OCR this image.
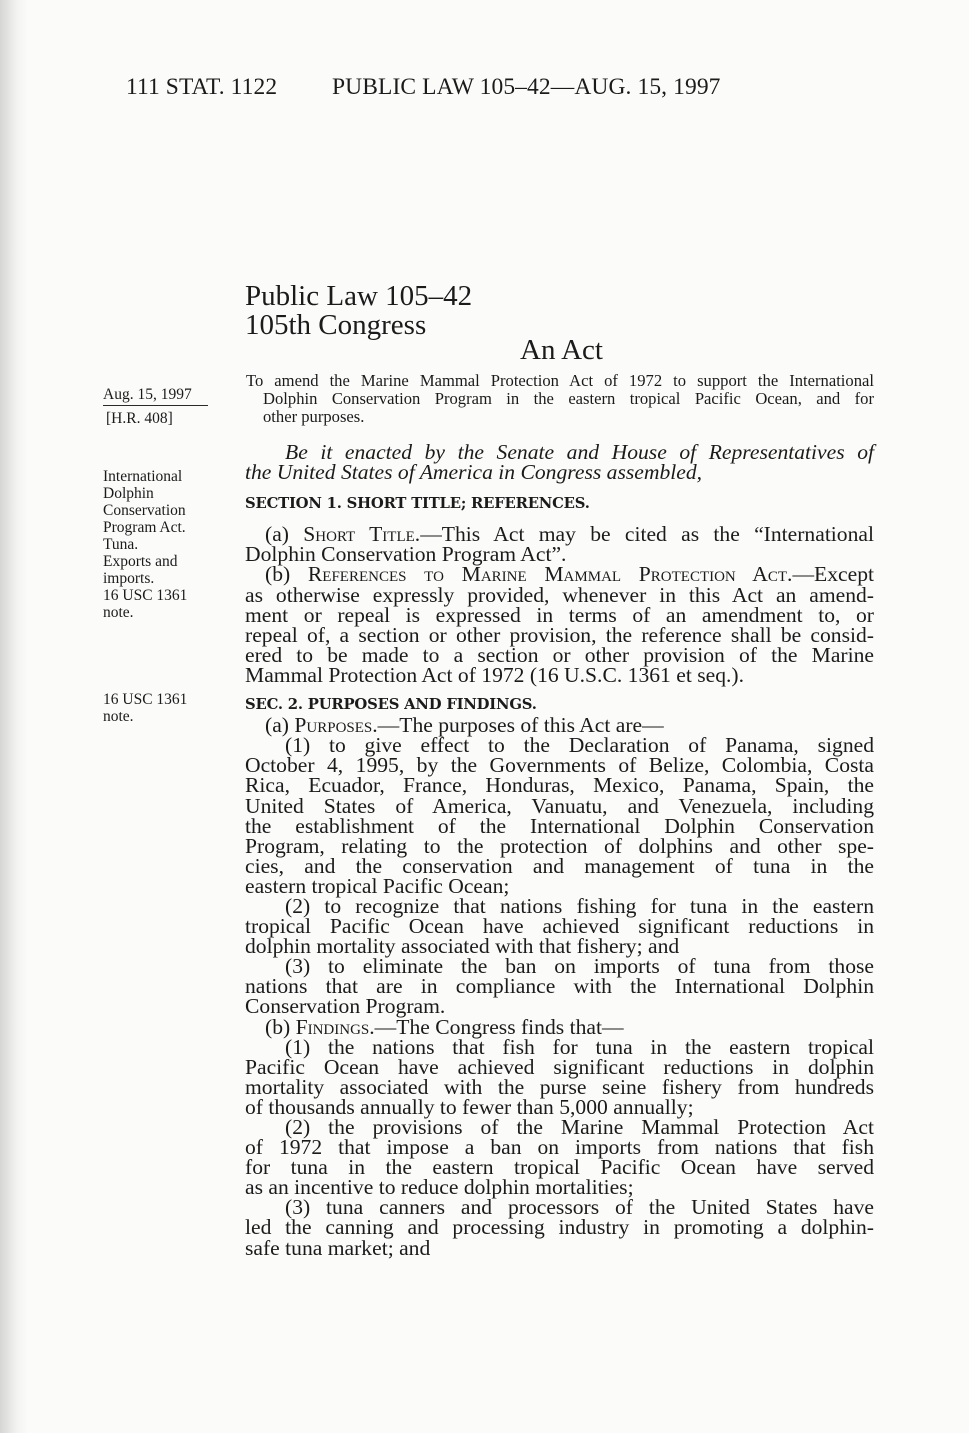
111 STAT. 1122 PUBLIC LAW 105–42—AUG. 15, 1997
Public Law 105–42
105th Congress
An Act
Aug. 15, 1997
[H.R. 408]
International
Dolphin
Conservation
Program Act.
Tuna.
Exports and
imports.
16 USC 1361
note.
16 USC 1361
note.
To amend the Marine Mammal Protection Act of 1972 to support the International
Dolphin Conservation Program in the eastern tropical Pacific Ocean, and for
other purposes.
Be it enacted by the Senate and House of Representatives of
the United States of America in Congress assembled,
SECTION 1. SHORT TITLE; REFERENCES.
(a) Short Title.—This Act may be cited as the “International
Dolphin Conservation Program Act”.
(b) References to Marine Mammal Protection Act.—Except
as otherwise expressly provided, whenever in this Act an amend-
ment or repeal is expressed in terms of an amendment to, or
repeal of, a section or other provision, the reference shall be consid-
ered to be made to a section or other provision of the Marine
Mammal Protection Act of 1972 (16 U.S.C. 1361 et seq.).
SEC. 2. PURPOSES AND FINDINGS.
(a) Purposes.—The purposes of this Act are—
(1) to give effect to the Declaration of Panama, signed
October 4, 1995, by the Governments of Belize, Colombia, Costa
Rica, Ecuador, France, Honduras, Mexico, Panama, Spain, the
United States of America, Vanuatu, and Venezuela, including
the establishment of the International Dolphin Conservation
Program, relating to the protection of dolphins and other spe-
cies, and the conservation and management of tuna in the
eastern tropical Pacific Ocean;
(2) to recognize that nations fishing for tuna in the eastern
tropical Pacific Ocean have achieved significant reductions in
dolphin mortality associated with that fishery; and
(3) to eliminate the ban on imports of tuna from those
nations that are in compliance with the International Dolphin
Conservation Program.
(b) Findings.—The Congress finds that—
(1) the nations that fish for tuna in the eastern tropical
Pacific Ocean have achieved significant reductions in dolphin
mortality associated with the purse seine fishery from hundreds
of thousands annually to fewer than 5,000 annually;
(2) the provisions of the Marine Mammal Protection Act
of 1972 that impose a ban on imports from nations that fish
for tuna in the eastern tropical Pacific Ocean have served
as an incentive to reduce dolphin mortalities;
(3) tuna canners and processors of the United States have
led the canning and processing industry in promoting a dolphin-
safe tuna market; and
